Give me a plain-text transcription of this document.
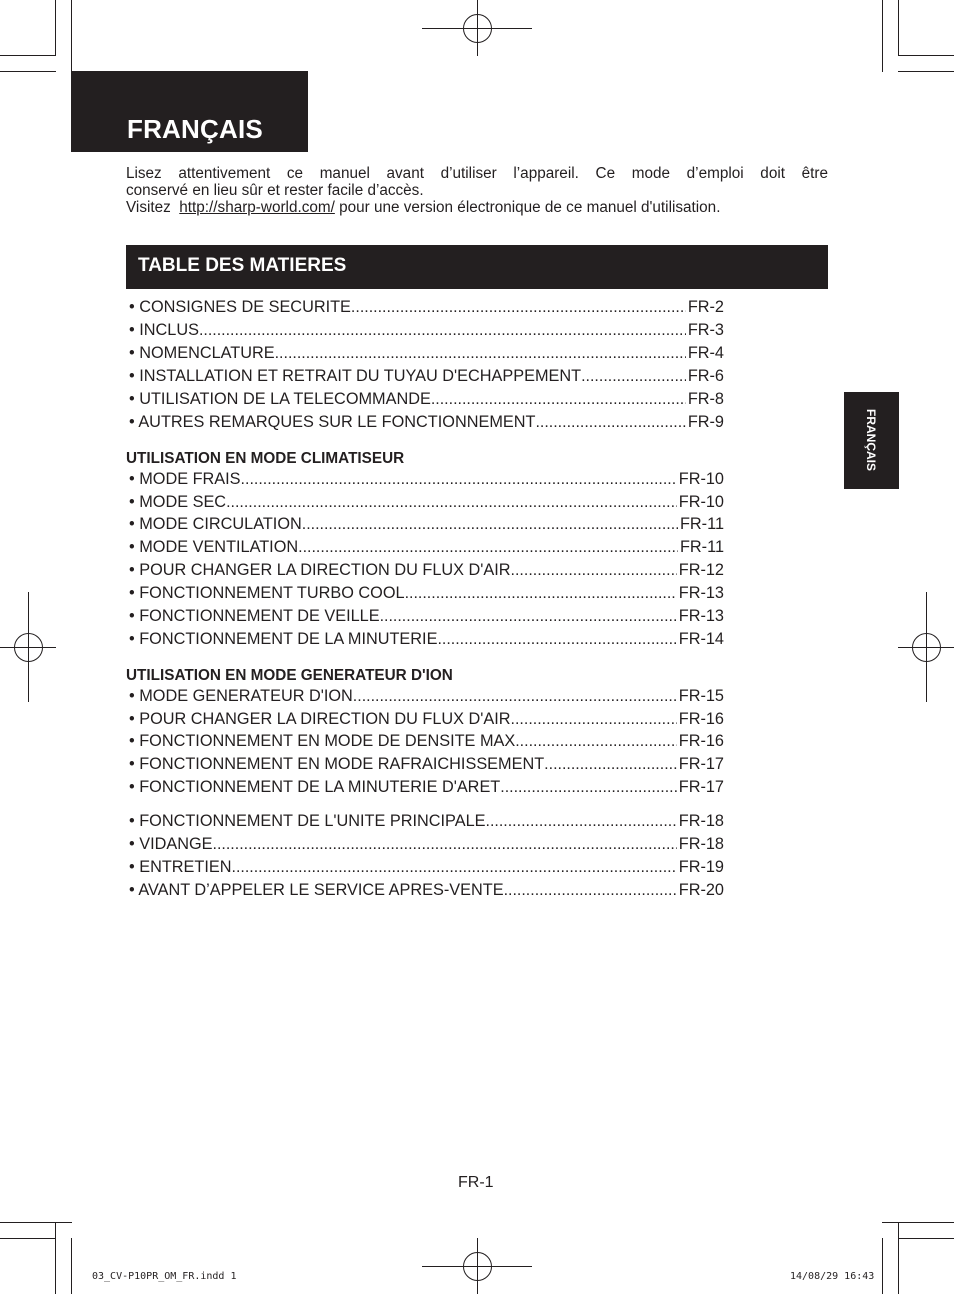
FRANÇAIS

Lisez attentivement ce manuel avant d’utiliser l’appareil. Ce mode d’emploi doit être

conservé en lieu sûr et rester facile d’accès.

Visitez http://sharp-world.com/ pour une version électronique de ce manuel d'utilisation.

TABLE DES MATIERES
• CONSIGNES DE SECURITE .....	FR-2
• INCLUS .....	FR-3
• NOMENCLATURE .....	FR-4
• INSTALLATION ET RETRAIT DU TUYAU D'ECHAPPEMENT .....	FR-6
• UTILISATION DE LA TELECOMMANDE .....	FR-8
• AUTRES REMARQUES SUR LE FONCTIONNEMENT .....	FR-9
UTILISATION EN MODE CLIMATISEUR
• MODE FRAIS .....	FR-10
• MODE SEC .....	FR-10
• MODE CIRCULATION .....	FR-11
• MODE VENTILATION .....	FR-11
• POUR CHANGER LA DIRECTION DU FLUX D'AIR .....	FR-12
• FONCTIONNEMENT TURBO COOL .....	FR-13
• FONCTIONNEMENT DE VEILLE .....	FR-13
• FONCTIONNEMENT DE LA MINUTERIE .....	FR-14
UTILISATION EN MODE GENERATEUR D'ION
• MODE GENERATEUR D'ION .....	FR-15
• POUR CHANGER LA DIRECTION DU FLUX D'AIR .....	FR-16
• FONCTIONNEMENT EN MODE DE DENSITE MAX .....	FR-16
• FONCTIONNEMENT EN MODE RAFRAICHISSEMENT .....	FR-17
• FONCTIONNEMENT DE LA MINUTERIE D'ARET .....	FR-17
• FONCTIONNEMENT DE L'UNITE PRINCIPALE .....	FR-18
• VIDANGE .....	FR-18
• ENTRETIEN .....	FR-19
• AVANT D’APPELER LE SERVICE APRES-VENTE .....	FR-20
FRANÇAIS
FR-1
03_CV-P10PR_OM_FR.indd 1	14/08/29 16:43
